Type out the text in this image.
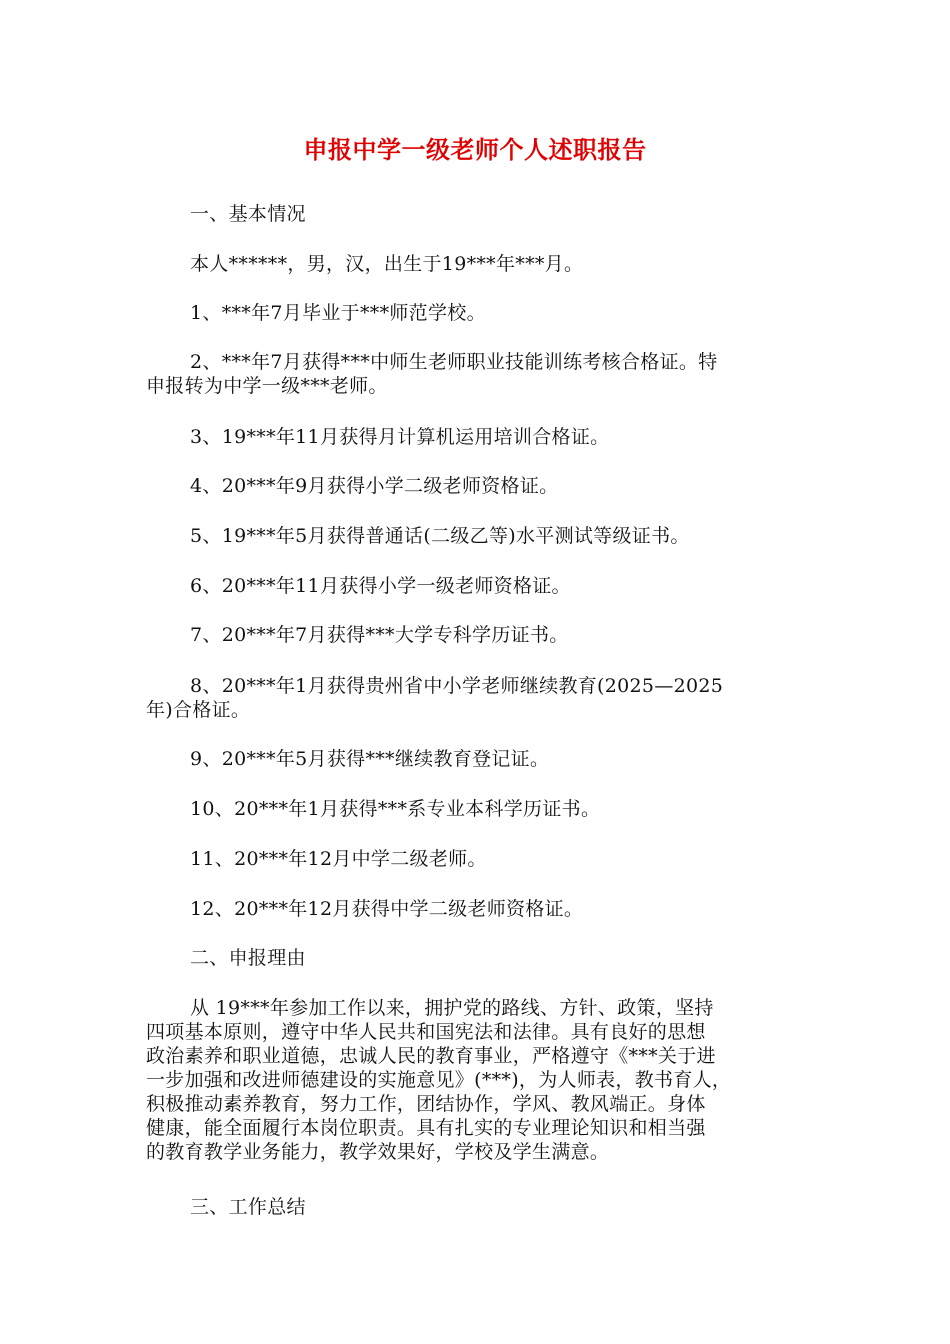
申报中学一级老师个人述职报告
一、基本情况
本人******，男，汉，出生于19***年***月。
1、***年7月毕业于***师范学校。
2、***年7月获得***中师生老师职业技能训练考核合格证。特
申报转为中学一级***老师。
3、19***年11月获得月计算机运用培训合格证。
4、20***年9月获得小学二级老师资格证。
5、19***年5月获得普通话(二级乙等)水平测试等级证书。
6、20***年11月获得小学一级老师资格证。
7、20***年7月获得***大学专科学历证书。
8、20***年1月获得贵州省中小学老师继续教育(2025—2025
年)合格证。
9、20***年5月获得***继续教育登记证。
10、20***年1月获得***系专业本科学历证书。
11、20***年12月中学二级老师。
12、20***年12月获得中学二级老师资格证。
二、申报理由
从 19***年参加工作以来，拥护党的路线、方针、政策，坚持
四项基本原则，遵守中华人民共和国宪法和法律。具有良好的思想
政治素养和职业道德，忠诚人民的教育事业，严格遵守《***关于进
一步加强和改进师德建设的实施意见》(***)，为人师表，教书育人，
积极推动素养教育，努力工作，团结协作，学风、教风端正。身体
健康，能全面履行本岗位职责。具有扎实的专业理论知识和相当强
的教育教学业务能力，教学效果好，学校及学生满意。
三、工作总结
